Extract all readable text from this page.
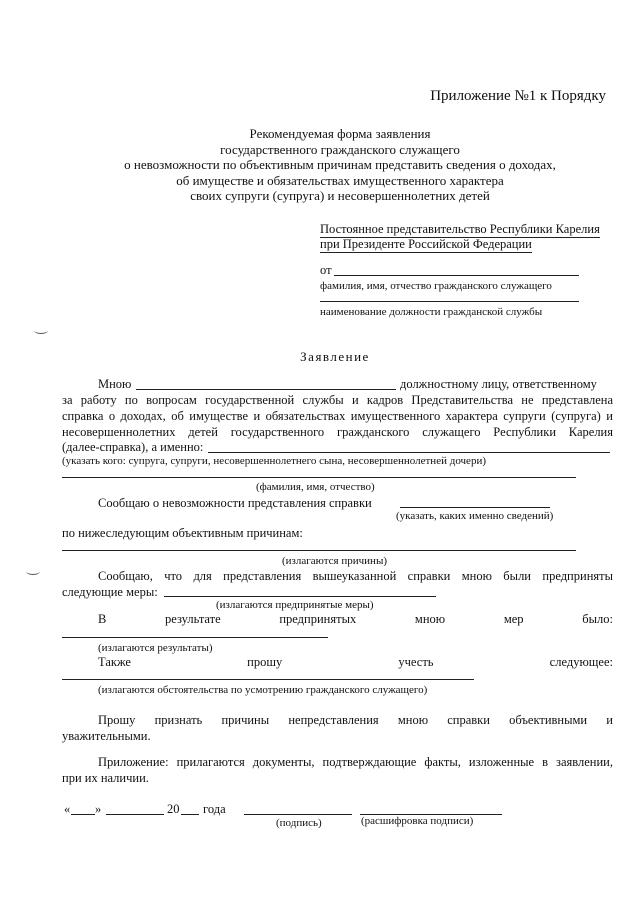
Приложение №1 к Порядку
Рекомендуемая форма заявления
государственного гражданского служащего
о невозможности по объективным причинам представить сведения о доходах,
об имуществе и обязательствах имущественного характера
своих супруги (супруга) и несовершеннолетних детей
Постоянное представительство Республики Карелия
при Президенте Российской Федерации
от
фамилия, имя, отчество гражданского служащего
наименование должности гражданской службы
Заявление
Мною	должностному лицу, ответственному
за работу по вопросам государственной службы и кадров Представительства не представлена
справка о доходах, об имуществе и обязательствах имущественного характера супруги (супруга) и
несовершеннолетних детей государственного гражданского служащего Республики Карелия
(далее-справка), а именно:
(указать кого: супруга, супруги, несовершеннолетнего сына, несовершеннолетней дочери)
(фамилия, имя, отчество)
Сообщаю о невозможности представления справки
(указать, каких именно сведений)
по нижеследующим объективным причинам:
(излагаются причины)
Сообщаю, что для представления вышеуказанной справки мною были предприняты
следующие меры:
(излагаются предпринятые меры)
В	результате	предпринятых	мною	мер	было:
(излагаются результаты)
Также	прошу	учесть	следующее:
(излагаются обстоятельства по усмотрению гражданского служащего)
Прошу признать причины непредставления мною справки объективными и
уважительными.
Приложение: прилагаются документы, подтверждающие факты, изложенные в заявлении,
при их наличии.
« »	20 года
(подпись)	(расшифровка подписи)
